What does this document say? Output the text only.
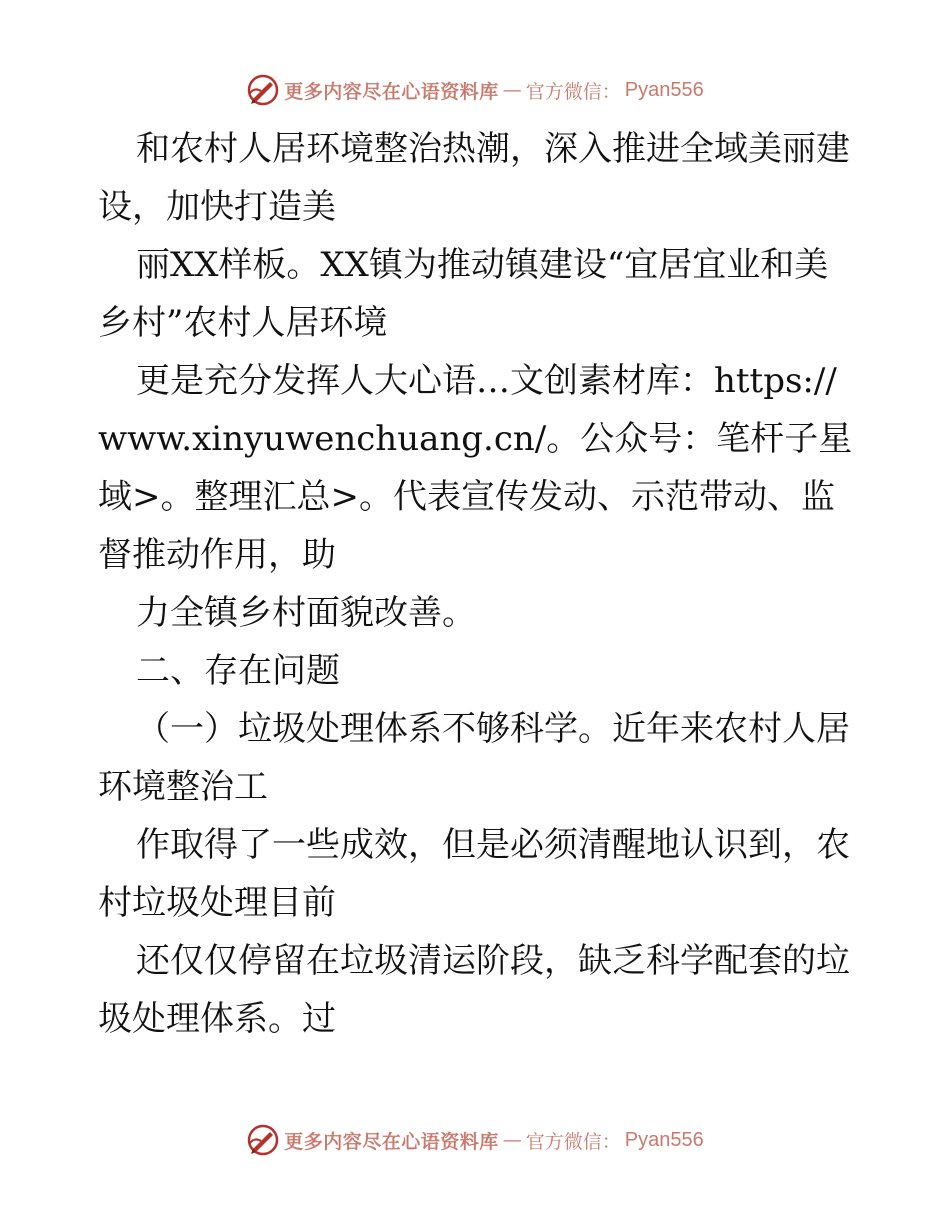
更多内容尽在心语资料库 — 官方微信： Pyan556

和农村人居环境整治热潮，深入推进全域美丽建设，加快打造美

丽XX样板。XX镇为推动镇建设“宜居宜业和美乡村”农村人居环境

更是充分发挥人大心语…文创素材库：https://www.xinyuwenchuang.cn/。公众号：笔杆子星域>。整理汇总>。代表宣传发动、示范带动、监督推动作用，助

力全镇乡村面貌改善。

二、存在问题

（一）垃圾处理体系不够科学。近年来农村人居环境整治工

作取得了一些成效，但是必须清醒地认识到，农村垃圾处理目前

还仅仅停留在垃圾清运阶段，缺乏科学配套的垃圾处理体系。过

更多内容尽在心语资料库 — 官方微信： Pyan556
